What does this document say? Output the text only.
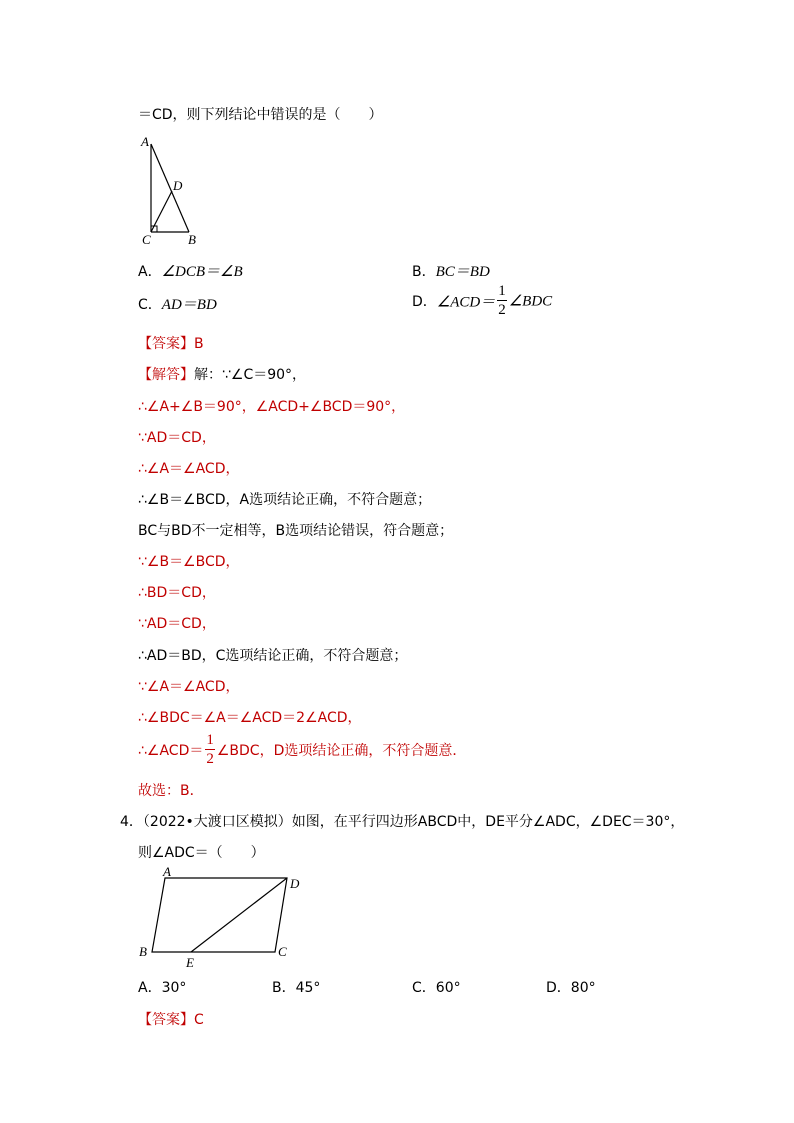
＝CD，则下列结论中错误的是（　　）
A
D
C	B
A．∠DCB＝∠B	B．BC＝BD
C．AD＝BD	D．∠ACD＝ $\frac{1}{2}$ ∠BDC
【答案】B
【解答】解：∵∠C＝90°，
∴∠A+∠B＝90°，∠ACD+∠BCD＝90°，
∵AD＝CD，
∴∠A＝∠ACD，
∴∠B＝∠BCD，A选项结论正确，不符合题意；
BC与BD不一定相等，B选项结论错误，符合题意；
∵∠B＝∠BCD，
∴BD＝CD，
∵AD＝CD，
∴AD＝BD，C选项结论正确，不符合题意；
∵∠A＝∠ACD，
∴∠BDC＝∠A＝∠ACD＝2∠ACD，
∴∠ACD＝ $\frac{1}{2}$ ∠BDC，D选项结论正确，不符合题意．
故选：B．
4．（2022•大渡口区模拟）如图，在平行四边形ABCD中，DE平分∠ADC，∠DEC＝30°，
则∠ADC＝（　　）
A
D
B
E
C
A．30°	B．45°	C．60°	D．80°
【答案】C
